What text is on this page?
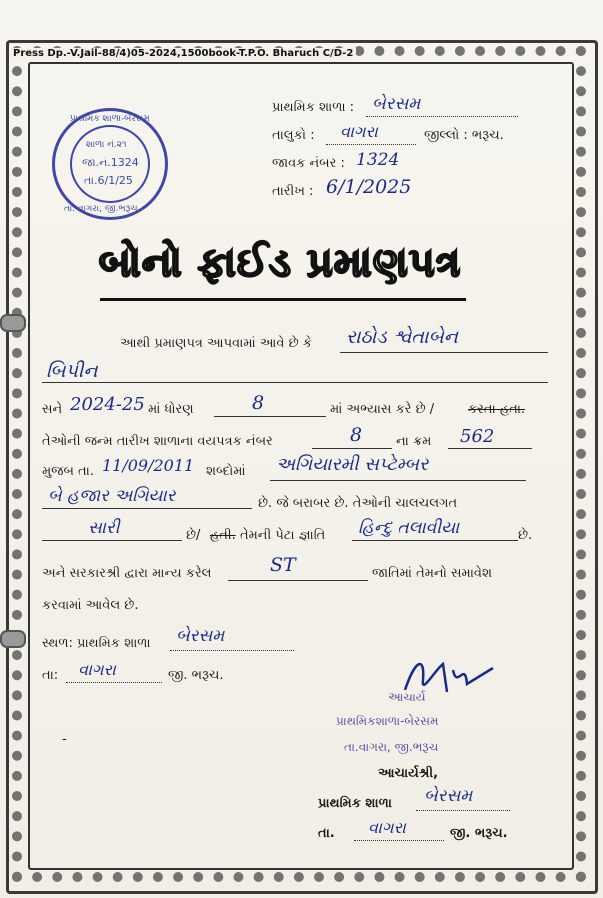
Press Dp.-V.Jail-88/4)05-2024,1500book-T.P.O. Bharuch C/D-2
પ્રાથમિક શાળા-બેરસમ
શાળા નં.૨૧
જા.નં.1324
તા.6/1/25
તા. વાગરા, જી.ભરૂચ
પ્રાથમિક શાળા : બેરસમ
તાલુકો : વાગરા	જીલ્લો : ભરૂચ.
જાવક નંબર : 1324
તારીખ : 6/1/2025
બોનો ફાઈડ પ્રમાણપત્ર
આથી પ્રમાણપત્ર આપવામાં આવે છે કે રાઠોડ શ્વેતાબેન
બિપીન
સને 2024-25 માં ધોરણ	8	માં અભ્યાસ કરે છે /	કરતા હતા.
તેઓની જન્મ તારીખ શાળાના વયપત્રક નંબર	8	ના ક્રમ 562
મુજબ તા. 11/09/2011 શબ્દોમાં અગિયારમી સપ્ટેમ્બર
બે હજાર અગિયાર	છે. જે બરાબર છે. તેઓની ચાલચલગત
સારી	છે/ હતી. તેમની પેટા જ્ઞાતિ હિન્દુ તલાવીયા	છે.
અને સરકારશ્રી દ્વારા માન્ય કરેલ	ST	જાતિમાં તેમનો સમાવેશ
કરવામાં આવેલ છે.
સ્થળ: પ્રાથમિક શાળા બેરસમ
તા: વાગરા	જી. ભરૂચ.
-
આચાર્ય
પ્રાથમિકશાળા-બેરસમ
તા.વાગરા, જી.ભરૂચ
આચાર્યશ્રી,
પ્રાથમિક શાળા બેરસમ
તા. વાગરા	જી. ભરૂચ.
